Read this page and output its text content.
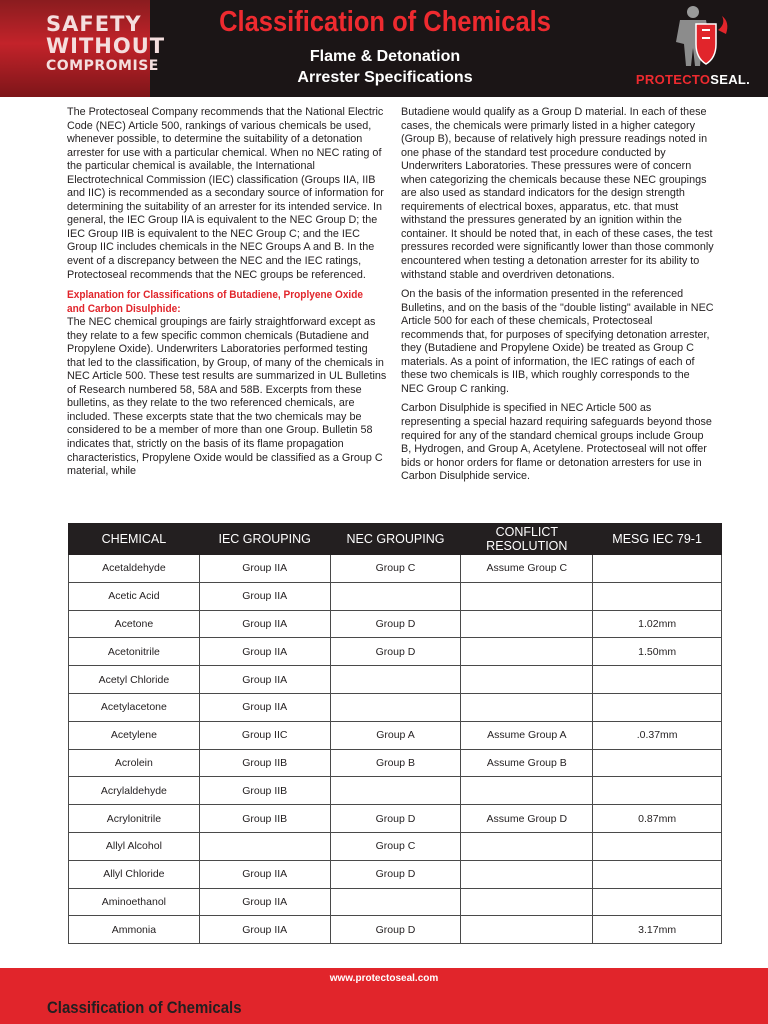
SAFETY
WITHOUT
COMPROMISE
Classification of Chemicals
Flame & Detonation
Arrester Specifications	PROTECTOSEAL.

The Protectoseal Company recommends that the National Electric Code (NEC) Article 500, rankings of various chemicals be used, whenever possible, to determine the suitability of a detonation arrester for use with a particular chemical. When no NEC rating of the particular chemical is available, the International Electrotechnical Commission (IEC) classification (Groups IIA, IIB and IIC) is recommended as a secondary source of information for determining the suitability of an arrester for its intended service. In general, the IEC Group IIA is equivalent to the NEC Group D; the IEC Group IIB is equivalent to the NEC Group C; and the IEC Group IIC includes chemicals in the NEC Groups A and B. In the event of a discrepancy between the NEC and the IEC ratings, Protectoseal recommends that the NEC groups be referenced.

Explanation for Classifications of Butadiene, Proplyene Oxide
and Carbon Disulphide:

The NEC chemical groupings are fairly straightforward except as they relate to a few specific common chemicals (Butadiene and Propylene Oxide). Underwriters Laboratories performed testing that led to the classification, by Group, of many of the chemicals in NEC Article 500. These test results are summarized in UL Bulletins of Research numbered 58, 58A and 58B. Excerpts from these bulletins, as they relate to the two referenced chemicals, are included. These excerpts state that the two chemicals may be considered to be a member of more than one Group. Bulletin 58 indicates that, strictly on the basis of its flame propagation characteristics, Propylene Oxide would be classified as a Group C material, while

Butadiene would qualify as a Group D material. In each of these cases, the chemicals were primarly listed in a higher category (Group B), because of relatively high pressure readings noted in one phase of the standard test procedure conducted by Underwriters Laboratories. These pressures were of concern when categorizing the chemicals because these NEC groupings are also used as standard indicators for the design strength requirements of electrical boxes, apparatus, etc. that must withstand the pressures generated by an ignition within the container. It should be noted that, in each of these cases, the test pressures recorded were significantly lower than those commonly encountered when testing a detonation arrester for its ability to withstand stable and overdriven detonations.

On the basis of the information presented in the referenced Bulletins, and on the basis of the "double listing" available in NEC Article 500 for each of these chemicals, Protectoseal recommends that, for purposes of specifying detonation arrester, they (Butadiene and Propylene Oxide) be treated as Group C materials. As a point of information, the IEC ratings of each of these two chemicals is IIB, which roughly corresponds to the NEC Group C ranking.

Carbon Disulphide is specified in NEC Article 500 as representing a special hazard requiring safeguards beyond those required for any of the standard chemical groups include Group B, Hydrogen, and Group A, Acetylene. Protectoseal will not offer bids or honor orders for flame or detonation arresters for use in Carbon Disulphide service.

CHEMICAL	IEC GROUPING	NEC GROUPING	CONFLICT RESOLUTION	MESG IEC 79-1
Acetaldehyde	Group IIA	Group C	Assume Group C	
Acetic Acid	Group IIA			
Acetone	Group IIA	Group D		1.02mm
Acetonitrile	Group IIA	Group D		1.50mm
Acetyl Chloride	Group IIA			
Acetylacetone	Group IIA			
Acetylene	Group IIC	Group A	Assume Group A	.0.37mm
Acrolein	Group IIB	Group B	Assume Group B	
Acrylaldehyde	Group IIB			
Acrylonitrile	Group IIB	Group D	Assume Group D	0.87mm
Allyl Alcohol		Group C		
Allyl Chloride	Group IIA	Group D		
Aminoethanol	Group IIA			
Ammonia	Group IIA	Group D		3.17mm
www.protectoseal.com
Classification of Chemicals
